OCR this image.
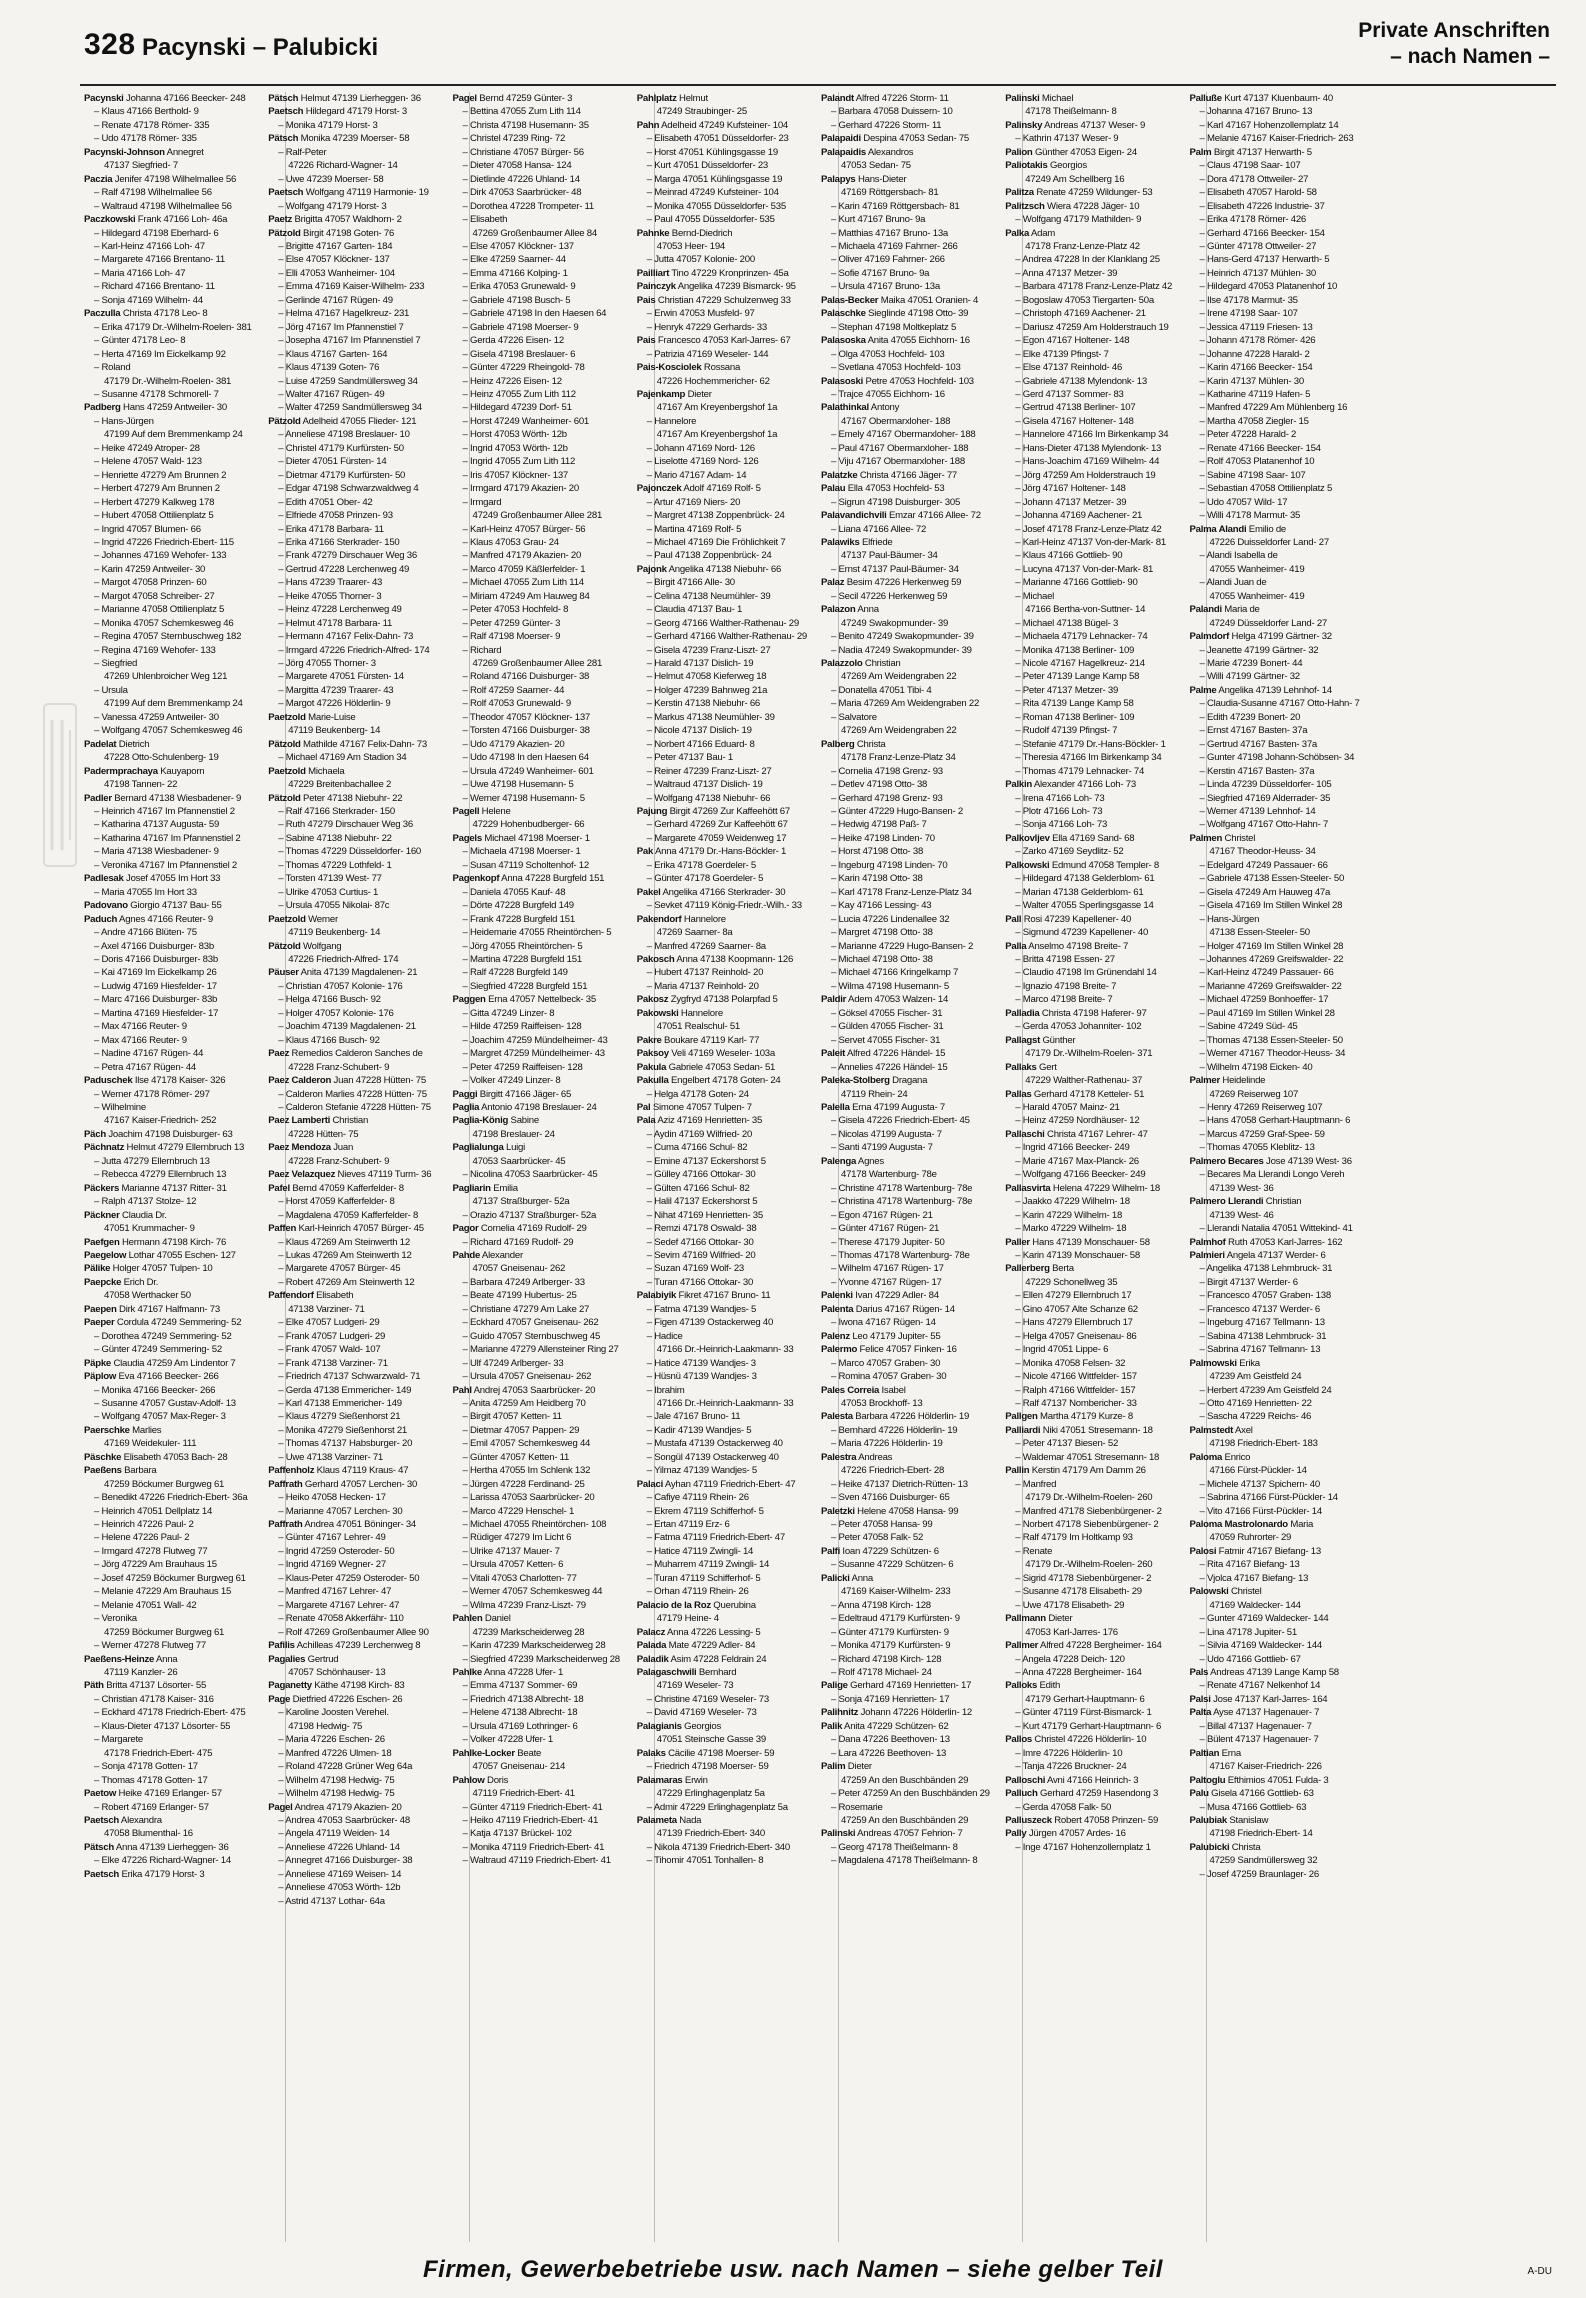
328 Pacynski – Palubicki
Private Anschriften
– nach Namen –
Pacynski Johanna 47166 Beecker- 248
– Klaus 47166 Berthold- 9
– Renate 47178 Römer- 335
– Udo 47178 Römer- 335
Pacynski-Johnson Annegret
47137 Siegfried- 7
Paczia Jenifer 47198 Wilhelmallee 56
– Ralf 47198 Wilhelmallee 56
– Waltraud 47198 Wilhelmallee 56
Paczkowski Frank 47166 Loh- 46a
– Hildegard 47198 Eberhard- 6
– Karl-Heinz 47166 Loh- 47
– Margarete 47166 Brentano- 11
– Maria 47166 Loh- 47
– Richard 47166 Brentano- 11
– Sonja 47169 Wilhelm- 44
Paczulla Christa 47178 Leo- 8
– Erika 47179 Dr.-Wilhelm-Roelen- 381
– Günter 47178 Leo- 8
– Herta 47169 Im Eickelkamp 92
– Roland
47179 Dr.-Wilhelm-Roelen- 381
– Susanne 47178 Schmorell- 7
Padberg Hans 47259 Antweiler- 30
– Hans-Jürgen
47199 Auf dem Bremmenkamp 24
– Heike 47249 Atroper- 28
– Helene 47057 Wald- 123
– Henriette 47279 Am Brunnen 2
– Herbert 47279 Am Brunnen 2
– Herbert 47279 Kalkweg 178
– Hubert 47058 Ottilienplatz 5
– Ingrid 47057 Blumen- 66
– Ingrid 47226 Friedrich-Ebert- 115
– Johannes 47169 Wehofer- 133
– Karin 47259 Antweiler- 30
– Margot 47058 Prinzen- 60
– Margot 47058 Schreiber- 27
– Marianne 47058 Ottilienplatz 5
– Monika 47057 Schemkesweg 46
– Regina 47057 Sternbuschweg 182
– Regina 47169 Wehofer- 133
– Siegfried
47269 Uhlenbroicher Weg 121
– Ursula
47199 Auf dem Bremmenkamp 24
– Vanessa 47259 Antweiler- 30
– Wolfgang 47057 Schemkesweg 46
Padelat Dietrich
47228 Otto-Schulenberg- 19
Padermprachaya Kauyaporn
47198 Tannen- 22
Padler Bernard 47138 Wiesbadener- 9
– Heinrich 47167 Im Pfannenstiel 2
– Katharina 47137 Augusta- 59
– Katharina 47167 Im Pfannenstiel 2
– Maria 47138 Wiesbadener- 9
– Veronika 47167 Im Pfannenstiel 2
Padlesak Josef 47055 Im Hort 33
– Maria 47055 Im Hort 33
Padovano Giorgio 47137 Bau- 55
Paduch Agnes 47166 Reuter- 9
– Andre 47166 Blüten- 75
– Axel 47166 Duisburger- 83b
– Doris 47166 Duisburger- 83b
– Kai 47169 Im Eickelkamp 26
– Ludwig 47169 Hiesfelder- 17
– Marc 47166 Duisburger- 83b
– Martina 47169 Hiesfelder- 17
– Max 47166 Reuter- 9
– Max 47166 Reuter- 9
– Nadine 47167 Rügen- 44
– Petra 47167 Rügen- 44
Paduschek Ilse 47178 Kaiser- 326
– Werner 47178 Römer- 297
– Wilhelmine
47167 Kaiser-Friedrich- 252
Päch Joachim 47198 Duisburger- 63
Pächnatz Helmut 47279 Ellernbruch 13
– Jutta 47279 Ellernbruch 13
– Rebecca 47279 Ellernbruch 13
Päckers Marianne 47137 Ritter- 31
– Ralph 47137 Stolze- 12
Päckner Claudia Dr.
47051 Krummacher- 9
Paefgen Hermann 47198 Kirch- 76
Paegelow Lothar 47055 Eschen- 127
Pälike Holger 47057 Tulpen- 10
Paepcke Erich Dr.
47058 Werthacker 50
Paepen Dirk 47167 Halfmann- 73
Paeper Cordula 47249 Semmering- 52
– Dorothea 47249 Semmering- 52
– Günter 47249 Semmering- 52
Päpke Claudia 47259 Am Lindentor 7
Päplow Eva 47166 Beecker- 266
– Monika 47166 Beecker- 266
– Susanne 47057 Gustav-Adolf- 13
– Wolfgang 47057 Max-Reger- 3
Paerschke Marlies
47169 Weidekuler- 111
Päschke Elisabeth 47053 Bach- 28
Paeßens Barbara
47259 Böckumer Burgweg 61
– Benedikt 47226 Friedrich-Ebert- 36a
– Heinrich 47051 Dellplatz 14
– Heinrich 47226 Paul- 2
– Helene 47226 Paul- 2
– Irmgard 47278 Flutweg 77
– Jörg 47229 Am Brauhaus 15
– Josef 47259 Böckumer Burgweg 61
– Melanie 47229 Am Brauhaus 15
– Melanie 47051 Wall- 42
– Veronika
47259 Böckumer Burgweg 61
– Werner 47278 Flutweg 77
Paeßens-Heinze Anna
47119 Kanzler- 26
Päth Britta 47137 Lösorter- 55
– Christian 47178 Kaiser- 316
– Eckhard 47178 Friedrich-Ebert- 475
– Klaus-Dieter 47137 Lösorter- 55
– Margarete
47178 Friedrich-Ebert- 475
– Sonja 47178 Gotten- 17
– Thomas 47178 Gotten- 17
Paetow Heike 47169 Erlanger- 57
– Robert 47169 Erlanger- 57
Paetsch Alexandra
47058 Blumenthal- 16
Pätsch Anna 47139 Lierheggen- 36
– Elke 47226 Richard-Wagner- 14
Paetsch Erika 47179 Horst- 3
Pätsch Helmut 47139 Lierheggen- 36
Paetsch Hildegard 47179 Horst- 3
– Monika 47179 Horst- 3
Pätsch Monika 47239 Moerser- 58
– Ralf-Peter
47226 Richard-Wagner- 14
– Uwe 47239 Moerser- 58
Paetsch Wolfgang 47119 Harmonie- 19
– Wolfgang 47179 Horst- 3
Paetz Brigitta 47057 Waldhorn- 2
Pätzold Birgit 47198 Goten- 76
– Brigitte 47167 Garten- 184
– Else 47057 Klöckner- 137
– Elli 47053 Wanheimer- 104
– Emma 47169 Kaiser-Wilhelm- 233
– Gerlinde 47167 Rügen- 49
– Helma 47167 Hagelkreuz- 231
– Jörg 47167 Im Pfannenstiel 7
– Josepha 47167 Im Pfannenstiel 7
– Klaus 47167 Garten- 164
– Klaus 47139 Goten- 76
– Luise 47259 Sandmüllersweg 34
– Walter 47167 Rügen- 49
– Walter 47259 Sandmüllersweg 34
Pätzold Adelheid 47055 Flieder- 121
– Anneliese 47198 Breslauer- 10
– Christel 47179 Kurfürsten- 50
– Dieter 47051 Fürsten- 14
– Dietmar 47179 Kurfürsten- 50
– Edgar 47198 Schwarzwaldweg 4
– Edith 47051 Ober- 42
– Elfriede 47058 Prinzen- 93
– Erika 47178 Barbara- 11
– Erika 47166 Sterkrader- 150
– Frank 47279 Dirschauer Weg 36
– Gertrud 47228 Lerchenweg 49
– Hans 47239 Traarer- 43
– Heike 47055 Thorner- 3
– Heinz 47228 Lerchenweg 49
– Helmut 47178 Barbara- 11
– Hermann 47167 Felix-Dahn- 73
– Irmgard 47226 Friedrich-Alfred- 174
– Jörg 47055 Thorner- 3
– Margarete 47051 Fürsten- 14
– Margitta 47239 Traarer- 43
– Margot 47226 Hölderlin- 9
Paetzold Marie-Luise
47119 Beukenberg- 14
Pätzold Mathilde 47167 Felix-Dahn- 73
– Michael 47169 Am Stadion 34
Paetzold Michaela
47229 Breitenbachallee 2
Pätzold Peter 47138 Niebuhr- 22
– Ralf 47166 Sterkrader- 150
– Ruth 47279 Dirschauer Weg 36
– Sabine 47138 Niebuhr- 22
– Thomas 47229 Düsseldorfer- 160
– Thomas 47229 Lothfeld- 1
– Torsten 47139 West- 77
– Ulrike 47053 Curtius- 1
– Ursula 47055 Nikolai- 87c
Paetzold Werner
47119 Beukenberg- 14
Pätzold Wolfgang
47226 Friedrich-Alfred- 174
Päuser Anita 47139 Magdalenen- 21
– Christian 47057 Kolonie- 176
– Helga 47166 Busch- 92
– Holger 47057 Kolonie- 176
– Joachim 47139 Magdalenen- 21
– Klaus 47166 Busch- 92
Paez Remedios Calderon Sanches de
47228 Franz-Schubert- 9
Paez Calderon Juan 47228 Hütten- 75
– Calderon Marlies 47228 Hütten- 75
– Calderon Stefanie 47228 Hütten- 75
Paez Lamberti Christian
47228 Hütten- 75
Paez Mendoza Juan
47228 Franz-Schubert- 9
Paez Velazquez Nieves 47119 Turm- 36
Pafel Bernd 47059 Kafferfelder- 8
– Horst 47059 Kafferfelder- 8
– Magdalena 47059 Kafferfelder- 8
Paffen Karl-Heinrich 47057 Bürger- 45
– Klaus 47269 Am Steinwerth 12
– Lukas 47269 Am Steinwerth 12
– Margarete 47057 Bürger- 45
– Robert 47269 Am Steinwerth 12
Paffendorf Elisabeth
47138 Varziner- 71
– Elke 47057 Ludgeri- 29
– Frank 47057 Ludgeri- 29
– Frank 47057 Wald- 107
– Frank 47138 Varziner- 71
– Friedrich 47137 Schwarzwald- 71
– Gerda 47138 Emmericher- 149
– Karl 47138 Emmericher- 149
– Klaus 47279 Sießenhorst 21
– Monika 47279 Sießenhorst 21
– Thomas 47137 Habsburger- 20
– Uwe 47138 Varziner- 71
Paffenholz Klaus 47119 Kraus- 47
Paffrath Gerhard 47057 Lerchen- 30
– Heiko 47058 Hecken- 17
– Marianne 47057 Lerchen- 30
Paffrath Andrea 47051 Böninger- 34
– Günter 47167 Lehrer- 49
– Ingrid 47259 Osteroder- 50
– Ingrid 47169 Wegner- 27
– Klaus-Peter 47259 Osteroder- 50
– Manfred 47167 Lehrer- 47
– Margarete 47167 Lehrer- 47
– Renate 47058 Akkerfähr- 110
– Rolf 47269 Großenbaumer Allee 90
Pafilis Achilleas 47239 Lerchenweg 8
Pagalies Gertrud
47057 Schönhauser- 13
Paganetty Käthe 47198 Kirch- 83
Page Dietfried 47226 Eschen- 26
– Karoline Joosten Verehel.
47198 Hedwig- 75
– Maria 47226 Eschen- 26
– Manfred 47226 Ulmen- 18
– Roland 47228 Grüner Weg 64a
– Wilhelm 47198 Hedwig- 75
– Wilhelm 47198 Hedwig- 75
Pagel Andrea 47179 Akazien- 20
– Andrea 47053 Saarbrücker- 48
– Angela 47119 Weiden- 14
– Anneliese 47226 Uhland- 14
– Annegret 47166 Duisburger- 38
– Anneliese 47169 Weisen- 14
– Anneliese 47053 Wörth- 12b
– Astrid 47137 Lothar- 64a
Pagel Bernd 47259 Günter- 3
– Bettina 47055 Zum Lith 114
– Christa 47198 Husemann- 35
– Christel 47239 Ring- 72
– Christiane 47057 Bürger- 56
– Dieter 47058 Hansa- 124
– Dietlinde 47226 Uhland- 14
– Dirk 47053 Saarbrücker- 48
– Dorothea 47228 Trompeter- 11
– Elisabeth
47269 Großenbaumer Allee 84
– Else 47057 Klöckner- 137
– Elke 47259 Saarner- 44
– Emma 47166 Kolping- 1
– Erika 47053 Grunewald- 9
– Gabriele 47198 Busch- 5
– Gabriele 47198 In den Haesen 64
– Gabriele 47198 Moerser- 9
– Gerda 47226 Eisen- 12
– Gisela 47198 Breslauer- 6
– Günter 47229 Rheingold- 78
– Heinz 47226 Eisen- 12
– Heinz 47055 Zum Lith 112
– Hildegard 47239 Dorf- 51
– Horst 47249 Wanheimer- 601
– Horst 47053 Wörth- 12b
– Ingrid 47053 Wörth- 12b
– Ingrid 47055 Zum Lith 112
– Iris 47057 Klöckner- 137
– Irmgard 47179 Akazien- 20
– Irmgard
47249 Großenbaumer Allee 281
– Karl-Heinz 47057 Bürger- 56
– Klaus 47053 Grau- 24
– Manfred 47179 Akazien- 20
– Marco 47059 Käßlerfelder- 1
– Michael 47055 Zum Lith 114
– Miriam 47249 Am Hauweg 84
– Peter 47053 Hochfeld- 8
– Peter 47259 Günter- 3
– Ralf 47198 Moerser- 9
– Richard
47269 Großenbaumer Allee 281
– Roland 47166 Duisburger- 38
– Rolf 47259 Saarner- 44
– Rolf 47053 Grunewald- 9
– Theodor 47057 Klöckner- 137
– Torsten 47166 Duisburger- 38
– Udo 47179 Akazien- 20
– Udo 47198 In den Haesen 64
– Ursula 47249 Wanheimer- 601
– Uwe 47198 Husemann- 5
– Werner 47198 Husemann- 5
Pagell Helene
47229 Hohenbudberger- 66
Pagels Michael 47198 Moerser- 1
– Michaela 47198 Moerser- 1
– Susan 47119 Scholtenhof- 12
Pagenkopf Anna 47228 Burgfeld 151
– Daniela 47055 Kauf- 48
– Dörte 47228 Burgfeld 149
– Frank 47228 Burgfeld 151
– Heidemarie 47055 Rheintörchen- 5
– Jörg 47055 Rheintörchen- 5
– Martina 47228 Burgfeld 151
– Ralf 47228 Burgfeld 149
– Siegfried 47228 Burgfeld 151
Paggen Erna 47057 Nettelbeck- 35
– Gitta 47249 Linzer- 8
– Hilde 47259 Raiffeisen- 128
– Joachim 47259 Mündelheimer- 43
– Margret 47259 Mündelheimer- 43
– Peter 47259 Raiffeisen- 128
– Volker 47249 Linzer- 8
Paggi Birgitt 47166 Jäger- 65
Paglia Antonio 47198 Breslauer- 24
Paglia-König Sabine
47198 Breslauer- 24
Paglialunga Luigi
47053 Saarbrücker- 45
– Nicolina 47053 Saarbrücker- 45
Pagliarin Emilia
47137 Straßburger- 52a
– Orazio 47137 Straßburger- 52a
Pagor Cornelia 47169 Rudolf- 29
– Richard 47169 Rudolf- 29
Pahde Alexander
47057 Gneisenau- 262
– Barbara 47249 Arlberger- 33
– Beate 47199 Hubertus- 25
– Christiane 47279 Am Lake 27
– Eckhard 47057 Gneisenau- 262
– Guido 47057 Sternbuschweg 45
– Marianne 47279 Allensteiner Ring 27
– Ulf 47249 Arlberger- 33
– Ursula 47057 Gneisenau- 262
Pahl Andrej 47053 Saarbrücker- 20
– Anita 47259 Am Heidberg 70
– Birgit 47057 Ketten- 11
– Dietmar 47057 Pappen- 29
– Emil 47057 Schemkesweg 44
– Günter 47057 Ketten- 11
– Hertha 47055 Im Schlenk 132
– Jürgen 47228 Ferdinand- 25
– Larissa 47053 Saarbrücker- 20
– Marco 47229 Henschel- 1
– Michael 47055 Rheintörchen- 108
– Rüdiger 47279 Im Licht 6
– Ulrike 47137 Mauer- 7
– Ursula 47057 Ketten- 6
– Vitali 47053 Charlotten- 77
– Werner 47057 Schemkesweg 44
– Wilma 47239 Franz-Liszt- 79
Pahlen Daniel
47239 Markscheiderweg 28
– Karin 47239 Markscheiderweg 28
– Siegfried 47239 Markscheiderweg 28
Pahlke Anna 47228 Ufer- 1
– Emma 47137 Sommer- 69
– Friedrich 47138 Albrecht- 18
– Helene 47138 Albrecht- 18
– Ursula 47169 Lothringer- 6
– Volker 47228 Ufer- 1
Pahlke-Locker Beate
47057 Gneisenau- 214
Pahlow Doris
47119 Friedrich-Ebert- 41
– Günter 47119 Friedrich-Ebert- 41
– Heiko 47119 Friedrich-Ebert- 41
– Katja 47137 Brückel- 102
– Monika 47119 Friedrich-Ebert- 41
– Waltraud 47119 Friedrich-Ebert- 41
Pahlplatz Helmut
47249 Straubinger- 25
Pahn Adelheid 47249 Kufsteiner- 104
– Elisabeth 47051 Düsseldorfer- 23
– Horst 47051 Kühlingsgasse 19
– Kurt 47051 Düsseldorfer- 23
– Marga 47051 Kühlingsgasse 19
– Meinrad 47249 Kufsteiner- 104
– Monika 47055 Düsseldorfer- 535
– Paul 47055 Düsseldorfer- 535
Pahnke Bernd-Diedrich
47053 Heer- 194
– Jutta 47057 Kolonie- 200
Pailliart Tino 47229 Kronprinzen- 45a
Painczyk Angelika 47239 Bismarck- 95
Pais Christian 47229 Schulzenweg 33
– Erwin 47053 Musfeld- 97
– Henryk 47229 Gerhards- 33
Pais Francesco 47053 Karl-Jarres- 67
– Patrizia 47169 Weseler- 144
Pais-Kosciolek Rossana
47226 Hochemmericher- 62
Pajenkamp Dieter
47167 Am Kreyenbergshof 1a
– Hannelore
47167 Am Kreyenbergshof 1a
– Johann 47169 Nord- 126
– Liselotte 47169 Nord- 126
– Mario 47167 Adam- 14
Pajonczek Adolf 47169 Rolf- 5
– Artur 47169 Niers- 20
– Margret 47138 Zoppenbrück- 24
– Martina 47169 Rolf- 5
– Michael 47169 Die Fröhlichkeit 7
– Paul 47138 Zoppenbrück- 24
Pajonk Angelika 47138 Niebuhr- 66
– Birgit 47166 Alle- 30
– Celina 47138 Neumühler- 39
– Claudia 47137 Bau- 1
– Georg 47166 Walther-Rathenau- 29
– Gerhard 47166 Walther-Rathenau- 29
– Gisela 47239 Franz-Liszt- 27
– Harald 47137 Dislich- 19
– Helmut 47058 Kieferweg 18
– Holger 47239 Bahnweg 21a
– Kerstin 47138 Niebuhr- 66
– Markus 47138 Neumühler- 39
– Nicole 47137 Dislich- 19
– Norbert 47166 Eduard- 8
– Peter 47137 Bau- 1
– Reiner 47239 Franz-Liszt- 27
– Waltraud 47137 Dislich- 19
– Wolfgang 47138 Niebuhr- 66
Pajung Birgit 47269 Zur Kaffeehött 67
– Gerhard 47269 Zur Kaffeehött 67
– Margarete 47059 Weidenweg 17
Pak Anna 47179 Dr.-Hans-Böckler- 1
– Erika 47178 Goerdeler- 5
– Günter 47178 Goerdeler- 5
Pakel Angelika 47166 Sterkrader- 30
– Sevket 47119 König-Friedr.-Wilh.- 33
Pakendorf Hannelore
47269 Saarner- 8a
– Manfred 47269 Saarner- 8a
Pakosch Anna 47138 Koopmann- 126
– Hubert 47137 Reinhold- 20
– Maria 47137 Reinhold- 20
Pakosz Zygfryd 47138 Polarpfad 5
Pakowski Hannelore
47051 Realschul- 51
Pakre Boukare 47119 Karl- 77
Paksoy Veli 47169 Weseler- 103a
Pakula Gabriele 47053 Sedan- 51
Pakulla Engelbert 47178 Goten- 24
– Helga 47178 Goten- 24
Pal Simone 47057 Tulpen- 7
Pala Aziz 47169 Henrietten- 35
– Aydin 47169 Wilfried- 20
– Cuma 47166 Schul- 82
– Emine 47137 Eckershorst 5
– Gülley 47166 Ottokar- 30
– Gülten 47166 Schul- 82
– Halil 47137 Eckershorst 5
– Nihat 47169 Henrietten- 35
– Remzi 47178 Oswald- 38
– Sedef 47166 Ottokar- 30
– Sevim 47169 Wilfried- 20
– Suzan 47169 Wolf- 23
– Turan 47166 Ottokar- 30
Palabiyik Fikret 47167 Bruno- 11
– Fatma 47139 Wandjes- 5
– Figen 47139 Ostackerweg 40
– Hadice
47166 Dr.-Heinrich-Laakmann- 33
– Hatice 47139 Wandjes- 3
– Hüsnü 47139 Wandjes- 3
– Ibrahim
47166 Dr.-Heinrich-Laakmann- 33
– Jale 47167 Bruno- 11
– Kadir 47139 Wandjes- 5
– Mustafa 47139 Ostackerweg 40
– Songül 47139 Ostackerweg 40
– Yilmaz 47139 Wandjes- 5
Palaci Ayhan 47119 Friedrich-Ebert- 47
– Cafiye 47119 Rhein- 26
– Ekrem 47119 Schifferhof- 5
– Ertan 47119 Erz- 6
– Fatma 47119 Friedrich-Ebert- 47
– Hatice 47119 Zwingli- 14
– Muharrem 47119 Zwingli- 14
– Turan 47119 Schifferhof- 5
– Orhan 47119 Rhein- 26
Palacio de la Roz Querubina
47179 Heine- 4
Palacz Anna 47226 Lessing- 5
Palada Mate 47229 Adler- 84
Paladik Asim 47228 Feldrain 24
Palagaschwili Bernhard
47169 Weseler- 73
– Christine 47169 Weseler- 73
– David 47169 Weseler- 73
Palagianis Georgios
47051 Steinsche Gasse 39
Palaks Cäcilie 47198 Moerser- 59
– Friedrich 47198 Moerser- 59
Palamaras Erwin
47229 Erlinghagenplatz 5a
– Admir 47229 Erlinghagenplatz 5a
Palameta Nada
47139 Friedrich-Ebert- 340
– Nikola 47139 Friedrich-Ebert- 340
– Tihomir 47051 Tonhallen- 8
Palandt Alfred 47226 Storm- 11
– Barbara 47058 Duissern- 10
– Gerhard 47226 Storm- 11
Palapaidi Despina 47053 Sedan- 75
Palapaidis Alexandros
47053 Sedan- 75
Palapys Hans-Dieter
47169 Röttgersbach- 81
– Karin 47169 Röttgersbach- 81
– Kurt 47167 Bruno- 9a
– Matthias 47167 Bruno- 13a
– Michaela 47169 Fahrner- 266
– Oliver 47169 Fahrner- 266
– Sofie 47167 Bruno- 9a
– Ursula 47167 Bruno- 13a
Palas-Becker Maika 47051 Oranien- 4
Palaschke Sieglinde 47198 Otto- 39
– Stephan 47198 Moltkeplatz 5
Palasoska Anita 47055 Eichhorn- 16
– Olga 47053 Hochfeld- 103
– Svetlana 47053 Hochfeld- 103
Palasoski Petre 47053 Hochfeld- 103
– Trajce 47055 Eichhorn- 16
Palathinkal Antony
47167 Obermarxloher- 188
– Emely 47167 Obermarxloher- 188
– Paul 47167 Obermarxloher- 188
– Viju 47167 Obermarxloher- 188
Palatzke Christa 47166 Jäger- 77
Palau Ella 47053 Hochfeld- 53
– Sigrun 47198 Duisburger- 305
Palavandichvili Emzar 47166 Allee- 72
– Liana 47166 Allee- 72
Palawiks Elfriede
47137 Paul-Bäumer- 34
– Ernst 47137 Paul-Bäumer- 34
Palaz Besim 47226 Herkenweg 59
– Secil 47226 Herkenweg 59
Palazon Anna
47249 Swakopmunder- 39
– Benito 47249 Swakopmunder- 39
– Nadia 47249 Swakopmunder- 39
Palazzolo Christian
47269 Am Weidengraben 22
– Donatella 47051 Tibi- 4
– Maria 47269 Am Weidengraben 22
– Salvatore
47269 Am Weidengraben 22
Palberg Christa
47178 Franz-Lenze-Platz 34
– Cornelia 47198 Grenz- 93
– Detlev 47198 Otto- 38
– Gerhard 47198 Grenz- 93
– Günter 47229 Hugo-Bansen- 2
– Hedwig 47198 Paß- 7
– Heike 47198 Linden- 70
– Horst 47198 Otto- 38
– Ingeburg 47198 Linden- 70
– Karin 47198 Otto- 38
– Karl 47178 Franz-Lenze-Platz 34
– Kay 47166 Lessing- 43
– Lucia 47226 Lindenallee 32
– Margret 47198 Otto- 38
– Marianne 47229 Hugo-Bansen- 2
– Michael 47198 Otto- 38
– Michael 47166 Kringelkamp 7
– Wilma 47198 Husemann- 5
Paldir Adem 47053 Walzen- 14
– Göksel 47055 Fischer- 31
– Gülden 47055 Fischer- 31
– Servet 47055 Fischer- 31
Paleit Alfred 47226 Händel- 15
– Annelies 47226 Händel- 15
Paleka-Stolberg Dragana
47119 Rhein- 24
Palella Erna 47199 Augusta- 7
– Gisela 47226 Friedrich-Ebert- 45
– Nicolas 47199 Augusta- 7
– Santi 47199 Augusta- 7
Palenga Agnes
47178 Wartenburg- 78e
– Christine 47178 Wartenburg- 78e
– Christina 47178 Wartenburg- 78e
– Egon 47167 Rügen- 21
– Günter 47167 Rügen- 21
– Therese 47179 Jupiter- 50
– Thomas 47178 Wartenburg- 78e
– Wilhelm 47167 Rügen- 17
– Yvonne 47167 Rügen- 17
Palenki Ivan 47229 Adler- 84
Palenta Darius 47167 Rügen- 14
– Iwona 47167 Rügen- 14
Palenz Leo 47179 Jupiter- 55
Palermo Felice 47057 Finken- 16
– Marco 47057 Graben- 30
– Romina 47057 Graben- 30
Pales Correia Isabel
47053 Brockhoff- 13
Palesta Barbara 47226 Hölderlin- 19
– Bernhard 47226 Hölderlin- 19
– Maria 47226 Hölderlin- 19
Palestra Andreas
47226 Friedrich-Ebert- 28
– Heike 47137 Dietrich-Rütten- 13
– Sven 47166 Duisburger- 65
Paletzki Helene 47058 Hansa- 99
– Peter 47058 Hansa- 99
– Peter 47058 Falk- 52
Palfi Ioan 47229 Schützen- 6
– Susanne 47229 Schützen- 6
Palicki Anna
47169 Kaiser-Wilhelm- 233
– Anna 47198 Kirch- 128
– Edeltraud 47179 Kurfürsten- 9
– Günter 47179 Kurfürsten- 9
– Monika 47179 Kurfürsten- 9
– Richard 47198 Kirch- 128
– Rolf 47178 Michael- 24
Palige Gerhard 47169 Henrietten- 17
– Sonja 47169 Henrietten- 17
Palihnitz Johann 47226 Hölderlin- 12
Palik Anita 47229 Schützen- 62
– Dana 47226 Beethoven- 13
– Lara 47226 Beethoven- 13
Palim Dieter
47259 An den Buschbänden 29
– Peter 47259 An den Buschbänden 29
– Rosemarie
47259 An den Buschbänden 29
Palinski Andreas 47057 Fehrion- 7
– Georg 47178 Theißelmann- 8
– Magdalena 47178 Theißelmann- 8
Palinski Michael
47178 Theißelmann- 8
Palinsky Andreas 47137 Weser- 9
– Kathrin 47137 Weser- 9
Palion Günther 47053 Eigen- 24
Paliotakis Georgios
47249 Am Schellberg 16
Palitza Renate 47259 Wildunger- 53
Palitzsch Wiera 47228 Jäger- 10
– Wolfgang 47179 Mathilden- 9
Palka Adam
47178 Franz-Lenze-Platz 42
– Andrea 47228 In der Klanklang 25
– Anna 47137 Metzer- 39
– Barbara 47178 Franz-Lenze-Platz 42
– Bogoslaw 47053 Tiergarten- 50a
– Christoph 47169 Aachener- 21
– Dariusz 47259 Am Holderstrauch 19
– Egon 47167 Holtener- 148
– Elke 47139 Pfingst- 7
– Else 47137 Reinhold- 46
– Gabriele 47138 Mylendonk- 13
– Gerd 47137 Sommer- 83
– Gertrud 47138 Berliner- 107
– Gisela 47167 Holtener- 148
– Hannelore 47166 Im Birkenkamp 34
– Hans-Dieter 47138 Mylendonk- 13
– Hans-Joachim 47169 Wilhelm- 44
– Jörg 47259 Am Holderstrauch 19
– Jörg 47167 Holtener- 148
– Johann 47137 Metzer- 39
– Johanna 47169 Aachener- 21
– Josef 47178 Franz-Lenze-Platz 42
– Karl-Heinz 47137 Von-der-Mark- 81
– Klaus 47166 Gottlieb- 90
– Lucyna 47137 Von-der-Mark- 81
– Marianne 47166 Gottlieb- 90
– Michael
47166 Bertha-von-Suttner- 14
– Michael 47138 Bügel- 3
– Michaela 47179 Lehnacker- 74
– Monika 47138 Berliner- 109
– Nicole 47167 Hagelkreuz- 214
– Peter 47139 Lange Kamp 58
– Peter 47137 Metzer- 39
– Rita 47139 Lange Kamp 58
– Roman 47138 Berliner- 109
– Rudolf 47139 Pfingst- 7
– Stefanie 47179 Dr.-Hans-Böckler- 1
– Theresia 47166 Im Birkenkamp 34
– Thomas 47179 Lehnacker- 74
Palkin Alexander 47166 Loh- 73
– Irena 47166 Loh- 73
– Plotr 47166 Loh- 73
– Sonja 47166 Loh- 73
Palkovljev Ella 47169 Sand- 68
– Zarko 47169 Seydlitz- 52
Palkowski Edmund 47058 Templer- 8
– Hildegard 47138 Gelderblom- 61
– Marian 47138 Gelderblom- 61
– Walter 47055 Sperlingsgasse 14
Pall Rosi 47239 Kapellener- 40
– Sigmund 47239 Kapellener- 40
Palla Anselmo 47198 Breite- 7
– Britta 47198 Essen- 27
– Claudio 47198 Im Grünendahl 14
– Ignazio 47198 Breite- 7
– Marco 47198 Breite- 7
Palladia Christa 47198 Haferer- 97
– Gerda 47053 Johanniter- 102
Pallagst Günther
47179 Dr.-Wilhelm-Roelen- 371
Pallaks Gert
47229 Walther-Rathenau- 37
Pallas Gerhard 47178 Ketteler- 51
– Harald 47057 Mainz- 21
– Heinz 47259 Nordhäuser- 12
Pallaschi Christa 47167 Lehrer- 47
– Ingrid 47166 Beecker- 249
– Marie 47167 Max-Planck- 26
– Wolfgang 47166 Beecker- 249
Pallasvirta Helena 47229 Wilhelm- 18
– Jaakko 47229 Wilhelm- 18
– Karin 47229 Wilhelm- 18
– Marko 47229 Wilhelm- 18
Paller Hans 47139 Monschauer- 58
– Karin 47139 Monschauer- 58
Pallerberg Berta
47229 Schonellweg 35
– Ellen 47279 Ellernbruch 17
– Gino 47057 Alte Schanze 62
– Hans 47279 Ellernbruch 17
– Helga 47057 Gneisenau- 86
– Ingrid 47051 Lippe- 6
– Monika 47058 Felsen- 32
– Nicole 47166 Wittfelder- 157
– Ralph 47166 Wittfelder- 157
– Ralf 47137 Nombericher- 33
Pallgen Martha 47179 Kurze- 8
Palliardi Niki 47051 Stresemann- 18
– Peter 47137 Biesen- 52
– Waldemar 47051 Stresemann- 18
Pallin Kerstin 47179 Am Damm 26
– Manfred
47179 Dr.-Wilhelm-Roelen- 260
– Manfred 47178 Siebenbürgener- 2
– Norbert 47178 Siebenbürgener- 2
– Ralf 47179 Im Holtkamp 93
– Renate
47179 Dr.-Wilhelm-Roelen- 260
– Sigrid 47178 Siebenbürgener- 2
– Susanne 47178 Elisabeth- 29
– Uwe 47178 Elisabeth- 29
Pallmann Dieter
47053 Karl-Jarres- 176
Pallmer Alfred 47228 Bergheimer- 164
– Angela 47228 Deich- 120
– Anna 47228 Bergheimer- 164
Palloks Edith
47179 Gerhart-Hauptmann- 6
– Günter 47119 Fürst-Bismarck- 1
– Kurt 47179 Gerhart-Hauptmann- 6
Pallos Christel 47226 Hölderlin- 10
– Imre 47226 Hölderlin- 10
– Tanja 47226 Bruckner- 24
Palloschi Avni 47166 Heinrich- 3
Palluch Gerhard 47259 Hasendong 3
– Gerda 47058 Falk- 50
Palluszeck Robert 47058 Prinzen- 59
Pally Jürgen 47057 Ardes- 16
– Inge 47167 Hohenzollernplatz 1
Palluße Kurt 47137 Kluenbaum- 40
– Johanna 47167 Bruno- 13
– Karl 47167 Hohenzollernplatz 14
– Melanie 47167 Kaiser-Friedrich- 263
Palm Birgit 47137 Herwarth- 5
– Claus 47198 Saar- 107
– Dora 47178 Ottweiler- 27
– Elisabeth 47057 Harold- 58
– Elisabeth 47226 Industrie- 37
– Erika 47178 Römer- 426
– Gerhard 47166 Beecker- 154
– Günter 47178 Ottweiler- 27
– Hans-Gerd 47137 Herwarth- 5
– Heinrich 47137 Mühlen- 30
– Hildegard 47053 Platanenhof 10
– Ilse 47178 Marmut- 35
– Irene 47198 Saar- 107
– Jessica 47119 Friesen- 13
– Johann 47178 Römer- 426
– Johanne 47228 Harald- 2
– Karin 47166 Beecker- 154
– Karin 47137 Mühlen- 30
– Katharine 47119 Hafen- 5
– Manfred 47229 Am Mühlenberg 16
– Martha 47058 Ziegler- 15
– Peter 47228 Harald- 2
– Renate 47166 Beecker- 154
– Rolf 47053 Platanenhof 10
– Sabine 47198 Saar- 107
– Sebastian 47058 Ottilienplatz 5
– Udo 47057 Wild- 17
– Willi 47178 Marmut- 35
Palma Alandi Emilio de
47226 Duisseldorfer Land- 27
– Alandi Isabella de
47055 Wanheimer- 419
– Alandi Juan de
47055 Wanheimer- 419
Palandi Maria de
47249 Düsseldorfer Land- 27
Palmdorf Helga 47199 Gärtner- 32
– Jeanette 47199 Gärtner- 32
– Marie 47239 Bonert- 44
– Willi 47199 Gärtner- 32
Palme Angelika 47139 Lehnhof- 14
– Claudia-Susanne 47167 Otto-Hahn- 7
– Edith 47239 Bonert- 20
– Ernst 47167 Basten- 37a
– Gertrud 47167 Basten- 37a
– Gunter 47198 Johann-Schöbsen- 34
– Kerstin 47167 Basten- 37a
– Linda 47239 Düsseldorfer- 105
– Siegfried 47169 Alderrader- 35
– Werner 47139 Lehnhof- 14
– Wolfgang 47167 Otto-Hahn- 7
Palmen Christel
47167 Theodor-Heuss- 34
– Edelgard 47249 Passauer- 66
– Gabriele 47138 Essen-Steeler- 50
– Gisela 47249 Am Hauweg 47a
– Gisela 47169 Im Stillen Winkel 28
– Hans-Jürgen
47138 Essen-Steeler- 50
– Holger 47169 Im Stillen Winkel 28
– Johannes 47269 Greifswalder- 22
– Karl-Heinz 47249 Passauer- 66
– Marianne 47269 Greifswalder- 22
– Michael 47259 Bonhoeffer- 17
– Paul 47169 Im Stillen Winkel 28
– Sabine 47249 Süd- 45
– Thomas 47138 Essen-Steeler- 50
– Werner 47167 Theodor-Heuss- 34
– Wilhelm 47198 Eicken- 40
Palmer Heidelinde
47269 Reiserweg 107
– Henry 47269 Reiserweg 107
– Hans 47058 Gerhart-Hauptmann- 6
– Marcus 47259 Graf-Spee- 59
– Thomas 47055 Kleblitz- 13
Palmero Becares Jose 47139 West- 36
– Becares Ma Llerandi Longo Vereh
47139 West- 36
Palmero Llerandi Christian
47139 West- 46
– Llerandi Natalia 47051 Wittekind- 41
Palmhof Ruth 47053 Karl-Jarres- 162
Palmieri Angela 47137 Werder- 6
– Angelika 47138 Lehmbruck- 31
– Birgit 47137 Werder- 6
– Francesco 47057 Graben- 138
– Francesco 47137 Werder- 6
– Ingeburg 47167 Tellmann- 13
– Sabina 47138 Lehmbruck- 31
– Sabrina 47167 Tellmann- 13
Palmowski Erika
47239 Am Geistfeld 24
– Herbert 47239 Am Geistfeld 24
– Otto 47169 Henrietten- 22
– Sascha 47229 Reichs- 46
Palmstedt Axel
47198 Friedrich-Ebert- 183
Paloma Enrico
47166 Fürst-Pückler- 14
– Michele 47137 Spichern- 40
– Sabrina 47166 Fürst-Pückler- 14
– Vito 47166 Fürst-Pückler- 14
Paloma Mastrolonardo Maria
47059 Ruhrorter- 29
Palosi Fatmir 47167 Biefang- 13
– Rita 47167 Biefang- 13
– Vjolca 47167 Biefang- 13
Palowski Christel
47169 Waldecker- 144
– Gunter 47169 Waldecker- 144
– Lina 47178 Jupiter- 51
– Silvia 47169 Waldecker- 144
– Udo 47166 Gottlieb- 67
Pals Andreas 47139 Lange Kamp 58
– Renate 47167 Nelkenhof 14
Palsi Jose 47137 Karl-Jarres- 164
Palta Ayse 47137 Hagenauer- 7
– Billal 47137 Hagenauer- 7
– Bülent 47137 Hagenauer- 7
Paltian Erna
47167 Kaiser-Friedrich- 226
Paltoglu Efthimios 47051 Fulda- 3
Palu Gisela 47166 Gottlieb- 63
– Musa 47166 Gottlieb- 63
Palubiak Stanislaw
47198 Friedrich-Ebert- 14
Palubicki Christa
47259 Sandmüllersweg 32
– Josef 47259 Braunlager- 26
Firmen, Gewerbebetriebe usw. nach Namen – siehe gelber Teil	A-DU
